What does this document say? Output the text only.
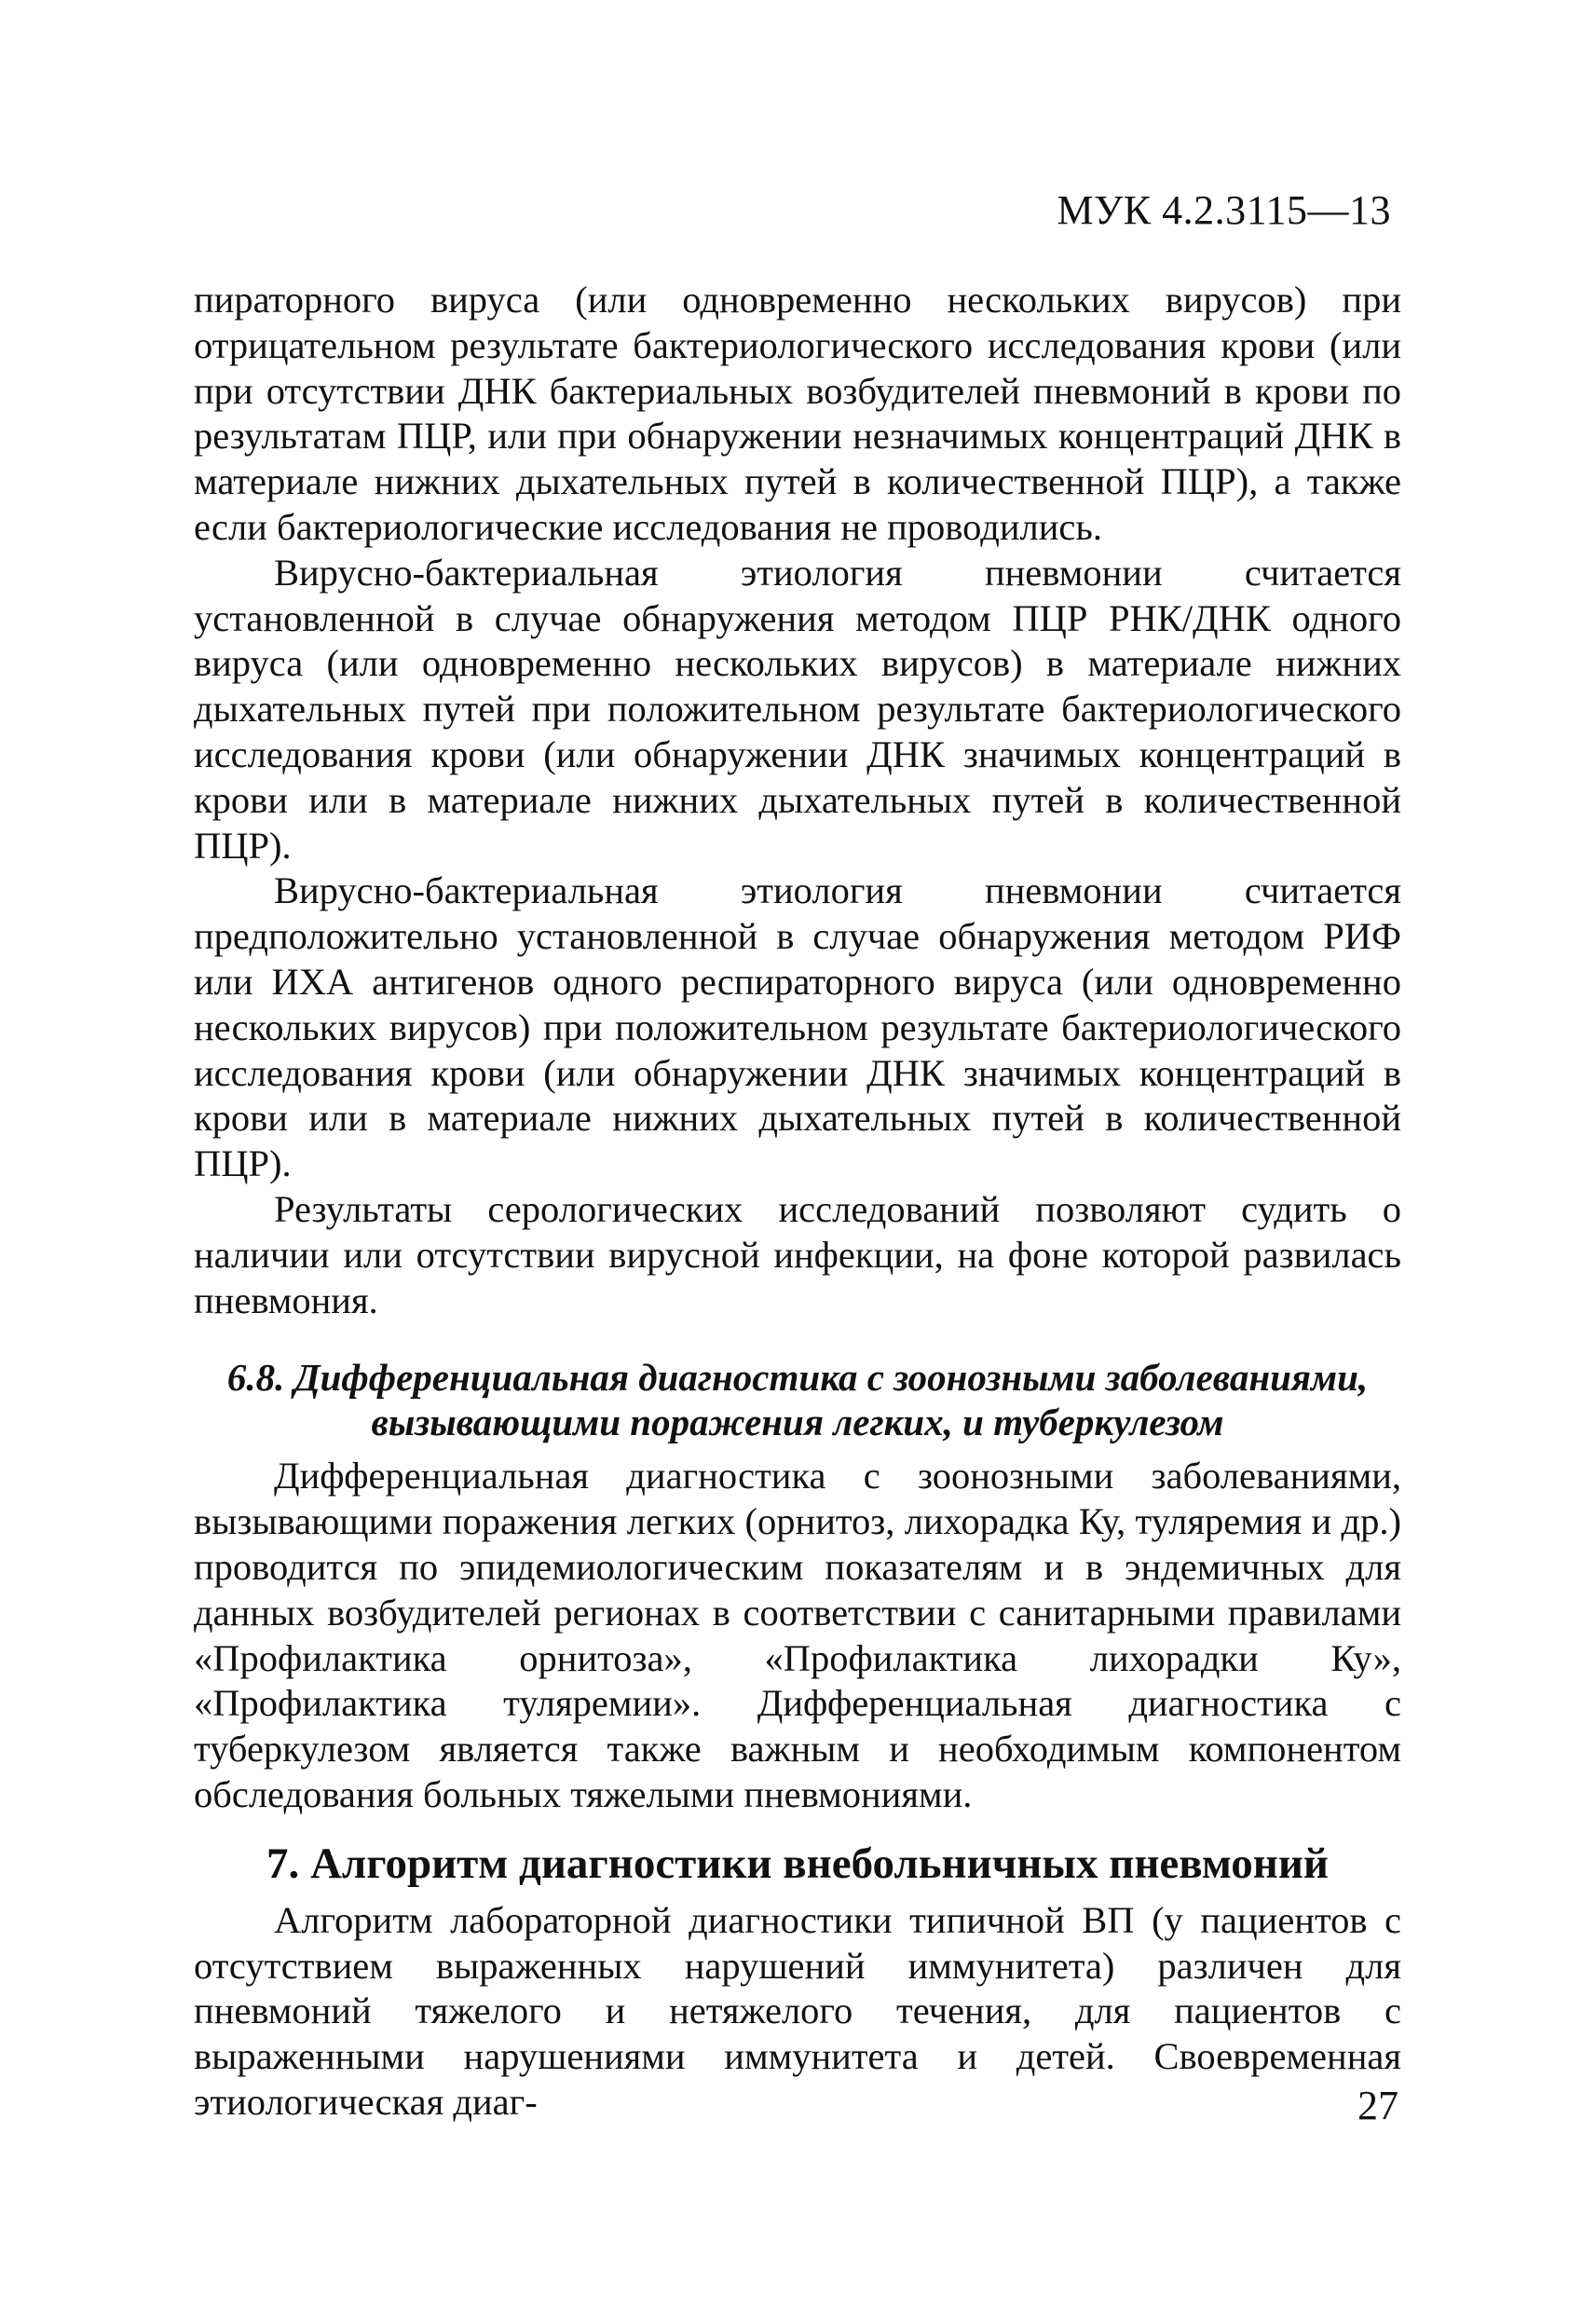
МУК 4.2.3115—13

пираторного вируса (или одновременно нескольких вирусов) при отрицательном результате бактериологического исследования крови (или при отсутствии ДНК бактериальных возбудителей пневмоний в крови по результатам ПЦР, или при обнаружении незначимых концентраций ДНК в материале нижних дыхательных путей в количественной ПЦР), а также если бактериологические исследования не проводились.

Вирусно-бактериальная этиология пневмонии считается установленной в случае обнаружения методом ПЦР РНК/ДНК одного вируса (или одновременно нескольких вирусов) в материале нижних дыхательных путей при положительном результате бактериологического исследования крови (или обнаружении ДНК значимых концентраций в крови или в материале нижних дыхательных путей в количественной ПЦР).

Вирусно-бактериальная этиология пневмонии считается предположительно установленной в случае обнаружения методом РИФ или ИХА антигенов одного респираторного вируса (или одновременно нескольких вирусов) при положительном результате бактериологического исследования крови (или обнаружении ДНК значимых концентраций в крови или в материале нижних дыхательных путей в количественной ПЦР).

Результаты серологических исследований позволяют судить о наличии или отсутствии вирусной инфекции, на фоне которой развилась пневмония.

6.8. Дифференциальная диагностика с зоонозными заболеваниями,
вызывающими поражения легких, и туберкулезом

Дифференциальная диагностика с зоонозными заболеваниями, вызывающими поражения легких (орнитоз, лихорадка Ку, туляремия и др.) проводится по эпидемиологическим показателям и в эндемичных для данных возбудителей регионах в соответствии с санитарными правилами «Профилактика орнитоза», «Профилактика лихорадки Ку», «Профилактика туляремии». Дифференциальная диагностика с туберкулезом является также важным и необходимым компонентом обследования больных тяжелыми пневмониями.

7. Алгоритм диагностики внебольничных пневмоний

Алгоритм лабораторной диагностики типичной ВП (у пациентов с отсутствием выраженных нарушений иммунитета) различен для пневмоний тяжелого и нетяжелого течения, для пациентов с выраженными нарушениями иммунитета и детей. Своевременная этиологическая диаг-	27
